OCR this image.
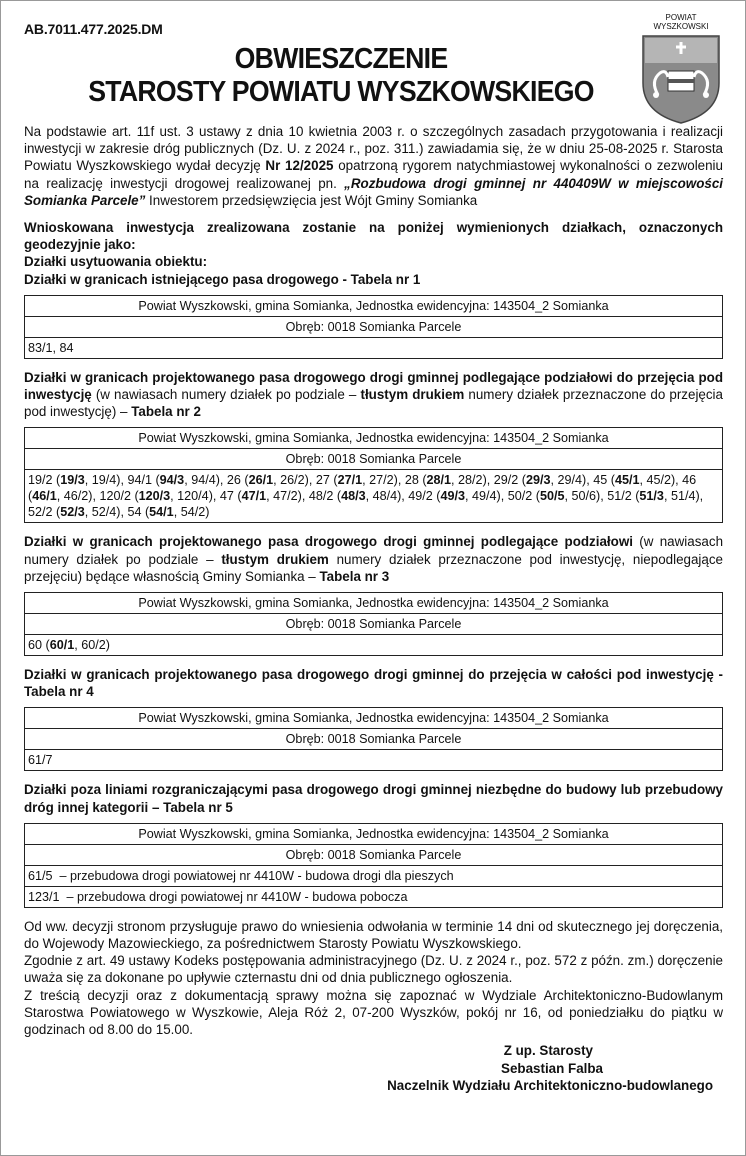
AB.7011.477.2025.DM
OBWIESZCZENIE
STAROSTY POWIATU WYSZKOWSKIEGO
POWIAT WYSZKOWSKI

Na podstawie art. 11f ust. 3 ustawy z dnia 10 kwietnia 2003 r. o szczególnych zasadach przygotowania i realizacji inwestycji w zakresie dróg publicznych (Dz. U. z 2024 r., poz. 311.) zawiadamia się, że w dniu 25-08-2025 r. Starosta Powiatu Wyszkowskiego wydał decyzję Nr 12/2025 opatrzoną rygorem natychmiastowej wykonalności o zezwoleniu na realizację inwestycji drogowej realizowanej pn. „Rozbudowa drogi gminnej nr 440409W w miejscowości Somianka Parcele” Inwestorem przedsięwzięcia jest Wójt Gminy Somianka

Wnioskowana inwestycja zrealizowana zostanie na poniżej wymienionych działkach, oznaczonych geodezyjnie jako:

Działki usytuowania obiektu:

Działki w granicach istniejącego pasa drogowego - Tabela nr 1

Powiat Wyszkowski, gmina Somianka, Jednostka ewidencyjna: 143504_2 Somianka
Obręb: 0018 Somianka Parcele
83/1, 84

Działki w granicach projektowanego pasa drogowego drogi gminnej podlegające podziałowi do przejęcia pod inwestycję (w nawiasach numery działek po podziale – tłustym drukiem numery działek przeznaczone do przejęcia pod inwestycję) – Tabela nr 2

Powiat Wyszkowski, gmina Somianka, Jednostka ewidencyjna: 143504_2 Somianka
Obręb: 0018 Somianka Parcele
19/2 (19/3, 19/4), 94/1 (94/3, 94/4), 26 (26/1, 26/2), 27 (27/1, 27/2), 28 (28/1, 28/2), 29/2 (29/3, 29/4), 45 (45/1, 45/2), 46 (46/1, 46/2), 120/2 (120/3, 120/4), 47 (47/1, 47/2), 48/2 (48/3, 48/4), 49/2 (49/3, 49/4), 50/2 (50/5, 50/6), 51/2 (51/3, 51/4), 52/2 (52/3, 52/4), 54 (54/1, 54/2)

Działki w granicach projektowanego pasa drogowego drogi gminnej podlegające podziałowi (w nawiasach numery działek po podziale – tłustym drukiem numery działek przeznaczone pod inwestycję, niepodlegające przejęciu) będące własnością Gminy Somianka – Tabela nr 3

Powiat Wyszkowski, gmina Somianka, Jednostka ewidencyjna: 143504_2 Somianka
Obręb: 0018 Somianka Parcele
60 (60/1, 60/2)

Działki w granicach projektowanego pasa drogowego drogi gminnej do przejęcia w całości pod inwestycję -Tabela nr 4

Powiat Wyszkowski, gmina Somianka, Jednostka ewidencyjna: 143504_2 Somianka
Obręb: 0018 Somianka Parcele
61/7

Działki poza liniami rozgraniczającymi pasa drogowego drogi gminnej niezbędne do budowy lub przebudowy dróg innej kategorii – Tabela nr 5

Powiat Wyszkowski, gmina Somianka, Jednostka ewidencyjna: 143504_2 Somianka
Obręb: 0018 Somianka Parcele
61/5  – przebudowa drogi powiatowej nr 4410W - budowa drogi dla pieszych
123/1  – przebudowa drogi powiatowej nr 4410W - budowa pobocza

Od ww. decyzji stronom przysługuje prawo do wniesienia odwołania w terminie 14 dni od skutecznego jej doręczenia, do Wojewody Mazowieckiego, za pośrednictwem Starosty Powiatu Wyszkowskiego.

Zgodnie z art. 49 ustawy Kodeks postępowania administracyjnego (Dz. U. z 2024 r., poz. 572 z późn. zm.) doręczenie uważa się za dokonane po upływie czternastu dni od dnia publicznego ogłoszenia.

Z treścią decyzji oraz z dokumentacją sprawy można się zapoznać w Wydziale Architektoniczno-Budowlanym Starostwa Powiatowego w Wyszkowie, Aleja Róż 2, 07-200 Wyszków, pokój nr 16, od poniedziałku do piątku w godzinach od 8.00 do 15.00.

Z up. Starosty
Sebastian Falba
Naczelnik Wydziału Architektoniczno-budowlanego
